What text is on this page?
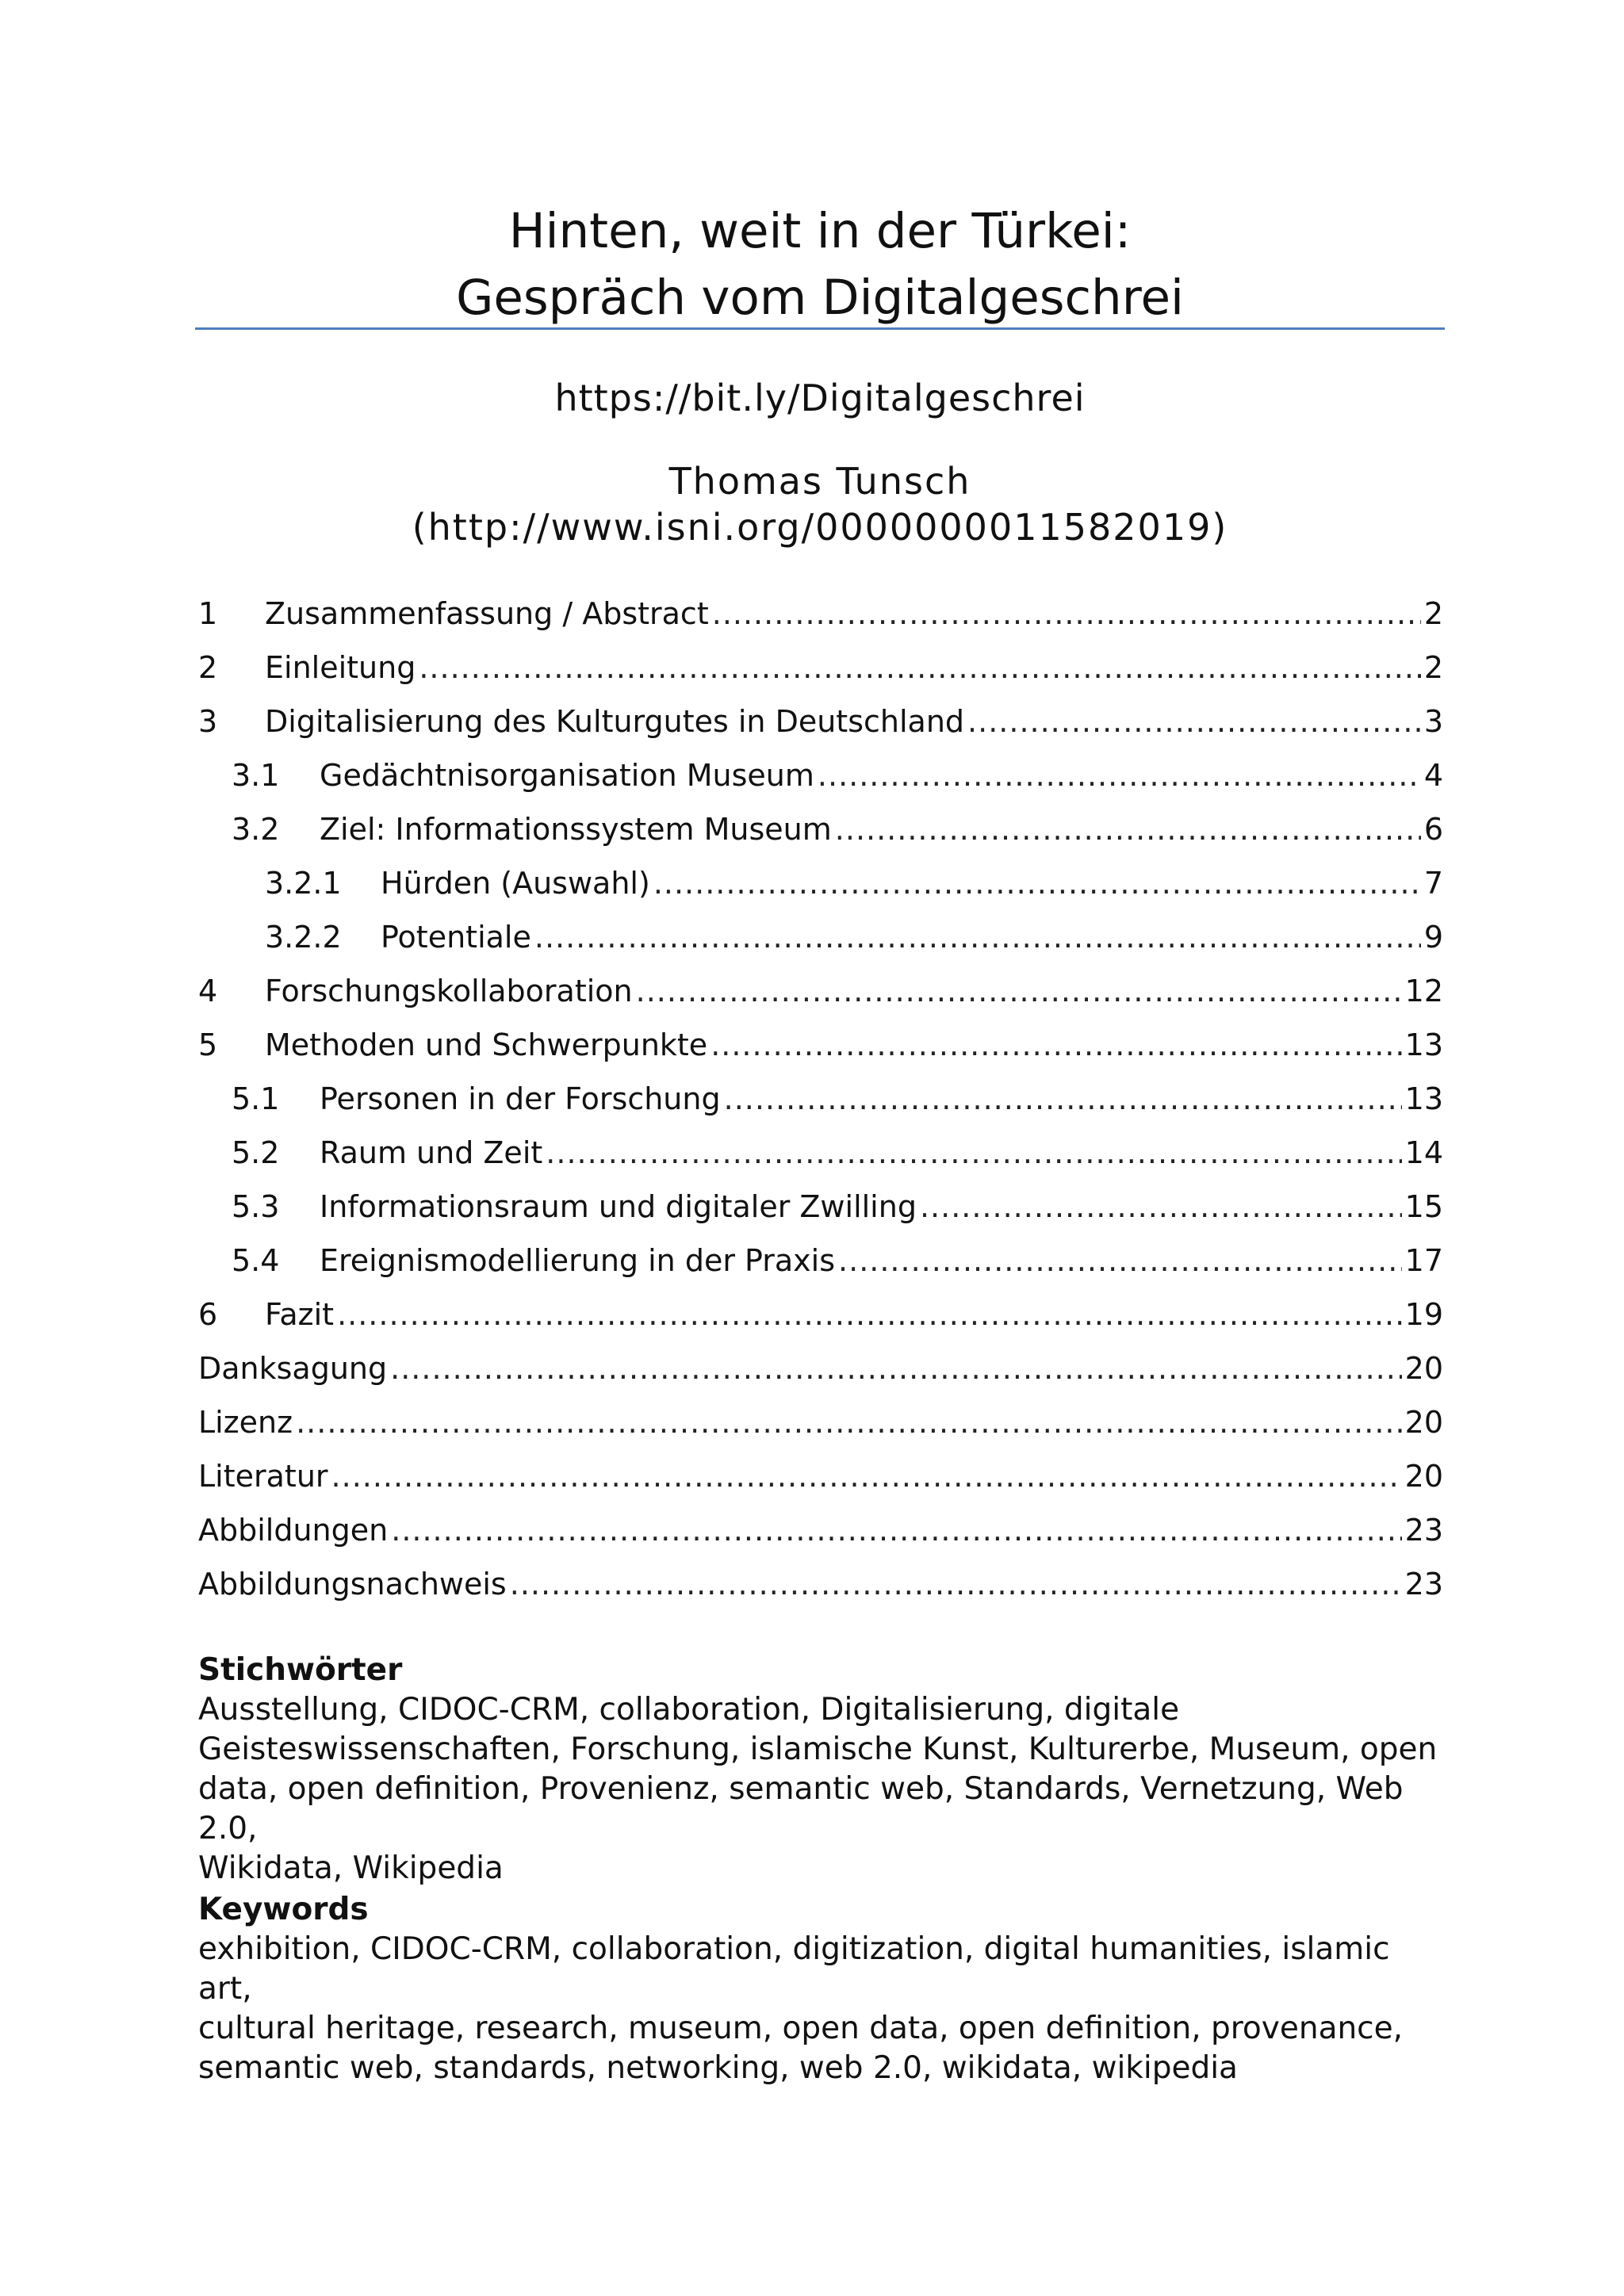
Hinten, weit in der Türkei:
Gespräch vom Digitalgeschrei
https://bit.ly/Digitalgeschrei
Thomas Tunsch
(http://www.isni.org/0000000011582019)
1	Zusammenfassung / Abstract .....	2
2	Einleitung .....	2
3	Digitalisierung des Kulturgutes in Deutschland .....	3
3.1	Gedächtnisorganisation Museum .....	4
3.2	Ziel: Informationssystem Museum .....	6
3.2.1	Hürden (Auswahl) .....	7
3.2.2	Potentiale .....	9
4	Forschungskollaboration .....	12
5	Methoden und Schwerpunkte .....	13
5.1	Personen in der Forschung .....	13
5.2	Raum und Zeit .....	14
5.3	Informationsraum und digitaler Zwilling .....	15
5.4	Ereignismodellierung in der Praxis .....	17
6	Fazit .....	19
Danksagung .....	20
Lizenz .....	20
Literatur .....	20
Abbildungen .....	23
Abbildungsnachweis .....	23
Stichwörter
Ausstellung, CIDOC-CRM, collaboration, Digitalisierung, digitale
Geisteswissenschaften, Forschung, islamische Kunst, Kulturerbe, Museum, open
data, open definition, Provenienz, semantic web, Standards, Vernetzung, Web 2.0,
Wikidata, Wikipedia
Keywords
exhibition, CIDOC-CRM, collaboration, digitization, digital humanities, islamic art,
cultural heritage, research, museum, open data, open definition, provenance,
semantic web, standards, networking, web 2.0, wikidata, wikipedia
